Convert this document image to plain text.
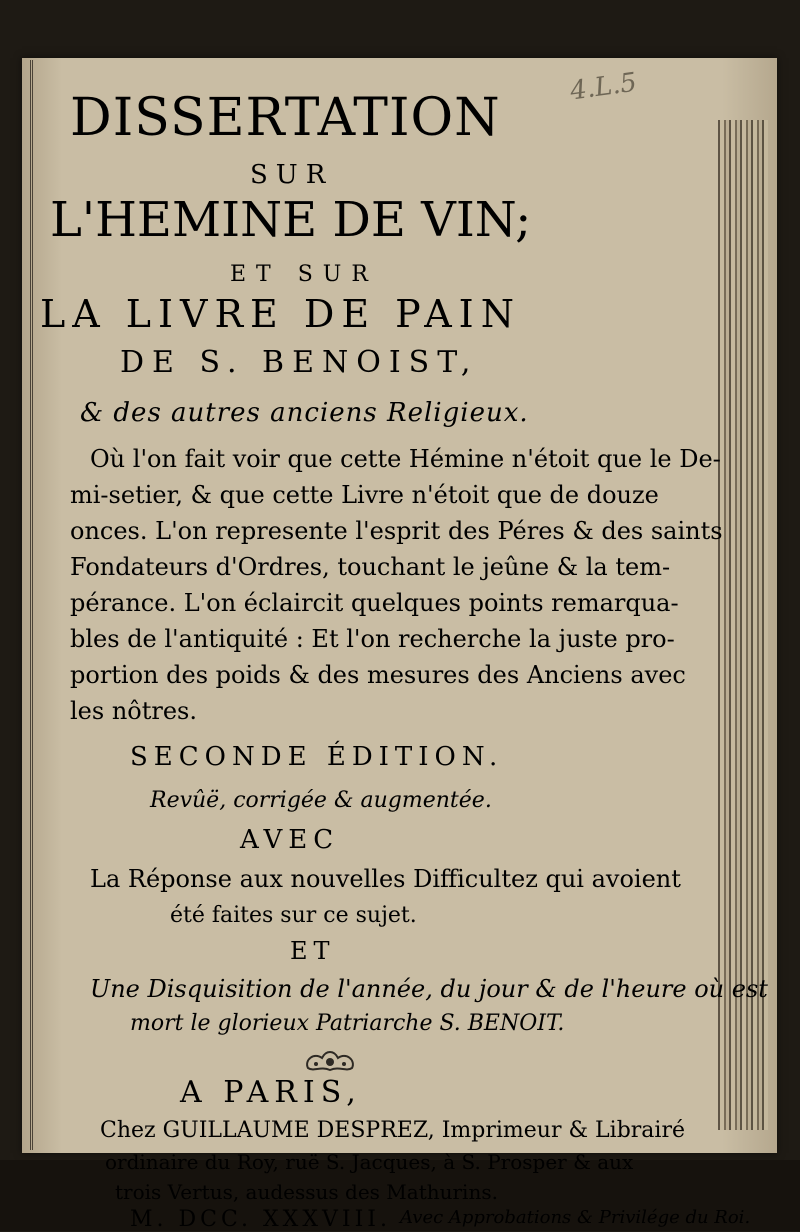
4.L.5
DISSERTATION
SUR
L'HEMINE DE VIN;
ET SUR
LA LIVRE DE PAIN
DE S. BENOIST,
& des autres anciens Religieux.
Où l'on fait voir que cette Hémine n'étoit que le De-
mi-setier, & que cette Livre n'étoit que de douze
onces. L'on represente l'esprit des Péres & des saints
Fondateurs d'Ordres, touchant le jeûne & la tem-
pérance. L'on éclaircit quelques points remarqua-
bles de l'antiquité : Et l'on recherche la juste pro-
portion des poids & des mesures des Anciens avec
les nôtres.
SECONDE ÉDITION.
Revûë, corrigée & augmentée.
AVEC
La Réponse aux nouvelles Difficultez qui avoient
été faites sur ce sujet.
ET
Une Disquisition de l'année, du jour & de l'heure où est
mort le glorieux Patriarche S. BENOIT.
A PARIS,
Chez GUILLAUME DESPREZ, Imprimeur & Librairé
ordinaire du Roy, ruë S. Jacques, à S. Prosper & aux
trois Vertus, audessus des Mathurins.
M. DCC. XXXVIII. Avec Approbations & Privilége du Roi.
